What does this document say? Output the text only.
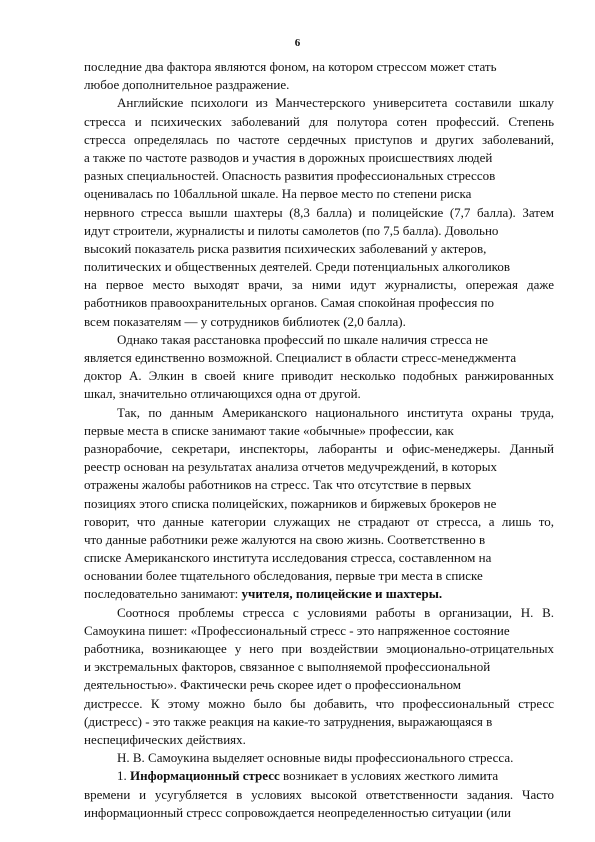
6
последние два фактора являются фоном, на котором стрессом может стать
любое дополнительное раздражение.
Английские психологи из Манчестерского университета составили шкалу
стресса и психических заболеваний для полутора сотен профессий. Степень
стресса определялась по частоте сердечных приступов и других заболеваний,
а также по частоте разводов и участия в дорожных происшествиях людей
разных специальностей. Опасность развития профессиональных стрессов
оценивалась по 10балльной шкале. На первое место по степени риска
нервного стресса вышли шахтеры (8,3 балла) и полицейские (7,7 балла). Затем
идут строители, журналисты и пилоты самолетов (по 7,5 балла). Довольно
высокий показатель риска развития психических заболеваний у актеров,
политических и общественных деятелей. Среди потенциальных алкоголиков
на первое место выходят врачи, за ними идут журналисты, опережая даже
работников правоохранительных органов. Самая спокойная профессия по
всем показателям — у сотрудников библиотек (2,0 балла).
Однако такая расстановка профессий по шкале наличия стресса не
является единственно возможной. Специалист в области стресс-менеджмента
доктор А. Элкин в своей книге приводит несколько подобных ранжированных
шкал, значительно отличающихся одна от другой.
Так, по данным Американского национального института охраны труда,
первые места в списке занимают такие «обычные» профессии, как
разнорабочие, секретари, инспекторы, лаборанты и офис-менеджеры. Данный
реестр основан на результатах анализа отчетов медучреждений, в которых
отражены жалобы работников на стресс. Так что отсутствие в первых
позициях этого списка полицейских, пожарников и биржевых брокеров не
говорит, что данные категории служащих не страдают от стресса, а лишь то,
что данные работники реже жалуются на свою жизнь. Соответственно в
списке Американского института исследования стресса, составленном на
основании более тщательного обследования, первые три места в списке
последовательно занимают: учителя, полицейские и шахтеры.
Соотнося проблемы стресса с условиями работы в организации, Н. В.
Самоукина пишет: «Профессиональный стресс - это напряженное состояние
работника, возникающее у него при воздействии эмоционально-отрицательных
и экстремальных факторов, связанное с выполняемой профессиональной
деятельностью». Фактически речь скорее идет о профессиональном
дистрессе. К этому можно было бы добавить, что профессиональный стресс
(дистресс) - это также реакция на какие-то затруднения, выражающаяся в
неспецифических действиях.
Н. В. Самоукина выделяет основные виды профессионального стресса.
1. Информационный стресс возникает в условиях жесткого лимита
времени и усугубляется в условиях высокой ответственности задания. Часто
информационный стресс сопровождается неопределенностью ситуации (или
